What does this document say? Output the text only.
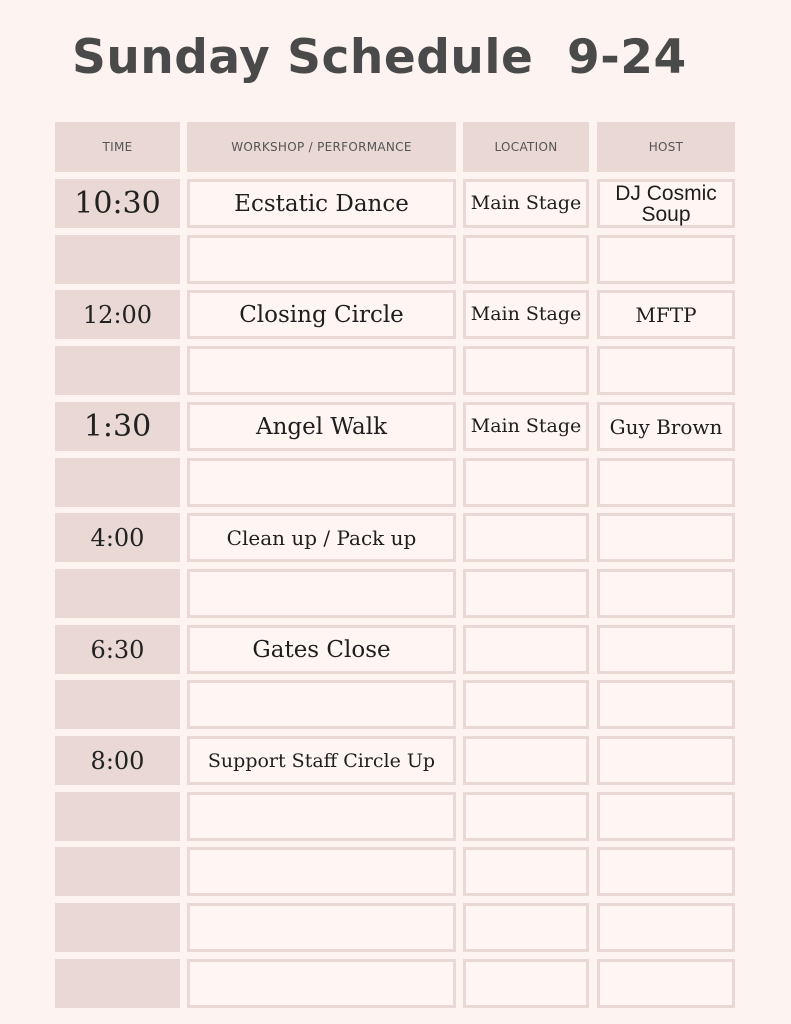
Sunday Schedule  9-24
TIME	WORKSHOP / PERFORMANCE	LOCATION	HOST
10:30	Ecstatic Dance	Main Stage	DJ Cosmic Soup
12:00	Closing Circle	Main Stage	MFTP
1:30	Angel Walk	Main Stage	Guy Brown
4:00	Clean up / Pack up
6:30	Gates Close
8:00	Support Staff Circle Up
